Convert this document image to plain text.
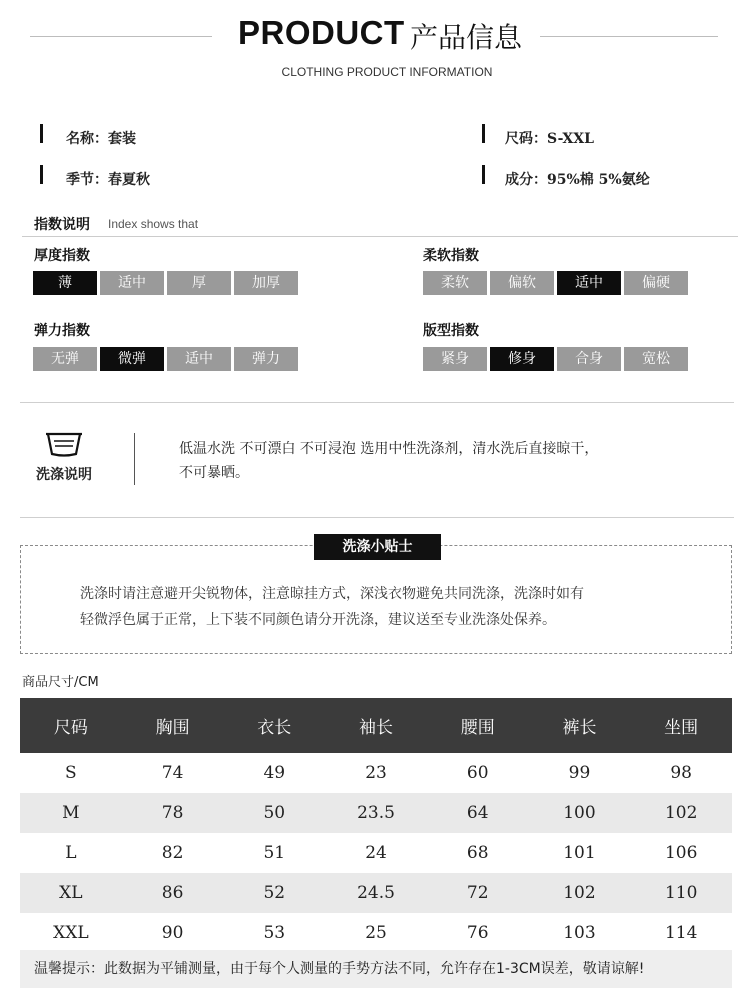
PRODUCT 产品信息
CLOTHING PRODUCT INFORMATION
名称：套装	尺码：S-XXL
季节：春夏秋	成分：95%棉 5%氨纶
指数说明 Index shows that
厚度指数
薄	适中	厚	加厚
柔软指数
柔软	偏软	适中	偏硬
弹力指数
无弹	微弹	适中	弹力
版型指数
紧身	修身	合身	宽松
洗涤说明
低温水洗 不可漂白 不可浸泡 选用中性洗涤剂，清水洗后直接晾干，
不可暴晒。
洗涤小贴士
洗涤时请注意避开尖锐物体，注意晾挂方式，深浅衣物避免共同洗涤，洗涤时如有
轻微浮色属于正常，上下装不同颜色请分开洗涤，建议送至专业洗涤处保养。
商品尺寸/CM
尺码	胸围	衣长	袖长	腰围	裤长	坐围
S	74	49	23	60	99	98
M	78	50	23.5	64	100	102
L	82	51	24	68	101	106
XL	86	52	24.5	72	102	110
XXL	90	53	25	76	103	114
温馨提示：此数据为平铺测量，由于每个人测量的手势方法不同，允许存在1-3CM误差，敬请谅解!
